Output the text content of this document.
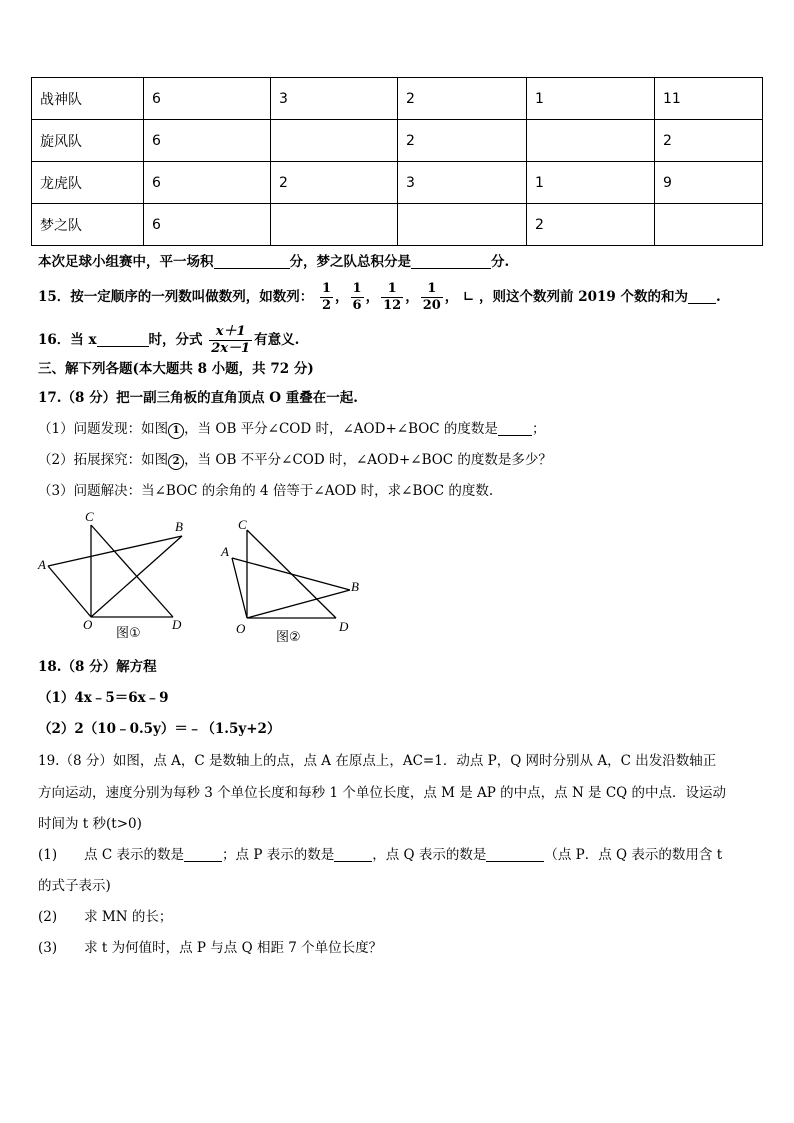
战神队	6	3	2	1	11
旋风队	6		2		2
龙虎队	6	2	3	1	9
梦之队	6			2	
本次足球小组赛中，平一场积	分，梦之队总积分是	分.
15．按一定顺序的一列数叫做数列，如数列： $\frac{1}{2}$ ， $\frac{1}{6}$ ， $\frac{1}{12}$ ， $\frac{1}{20}$ ， ∟ ，则这个数列前 2019 个数的和为 .
16．当 x	时，分式 $\frac{x+1}{2x-1}$ 有意义.
三、解下列各题(本大题共 8 小题，共 72 分)
17.（8 分）把一副三角板的直角顶点 O 重叠在一起.
（1）问题发现：如图 1 ，当 OB 平分∠COD 时，∠AOD+∠BOC 的度数是	；
（2）拓展探究：如图 2 ，当 OB 不平分∠COD 时，∠AOD+∠BOC 的度数是多少？
（3）问题解决：当∠BOC 的余角的 4 倍等于∠AOD 时，求∠BOC 的度数.
C
B
A
O	D
图①
C
A
B
O	D
图②
18.（8 分）解方程
（1）4x﹣5＝6x﹣9
（2）2（10﹣0.5y）＝﹣（1.5y+2）
19.（8 分）如图，点 A，C 是数轴上的点，点 A 在原点上，AC=1．动点 P，Q 网时分别从 A，C 出发沿数轴正
方向运动，速度分别为每秒 3 个单位长度和每秒 1 个单位长度，点 M 是 AP 的中点，点 N 是 CQ 的中点．设运动
时间为 t 秒(t>0)
(1)　　点 C 表示的数是	；点 P 表示的数是	，点 Q 表示的数是	（点 P．点 Q 表示的数用含 t
的式子表示)
(2)　　求 MN 的长；
(3)　　求 t 为何值时，点 P 与点 Q 相距 7 个单位长度？
